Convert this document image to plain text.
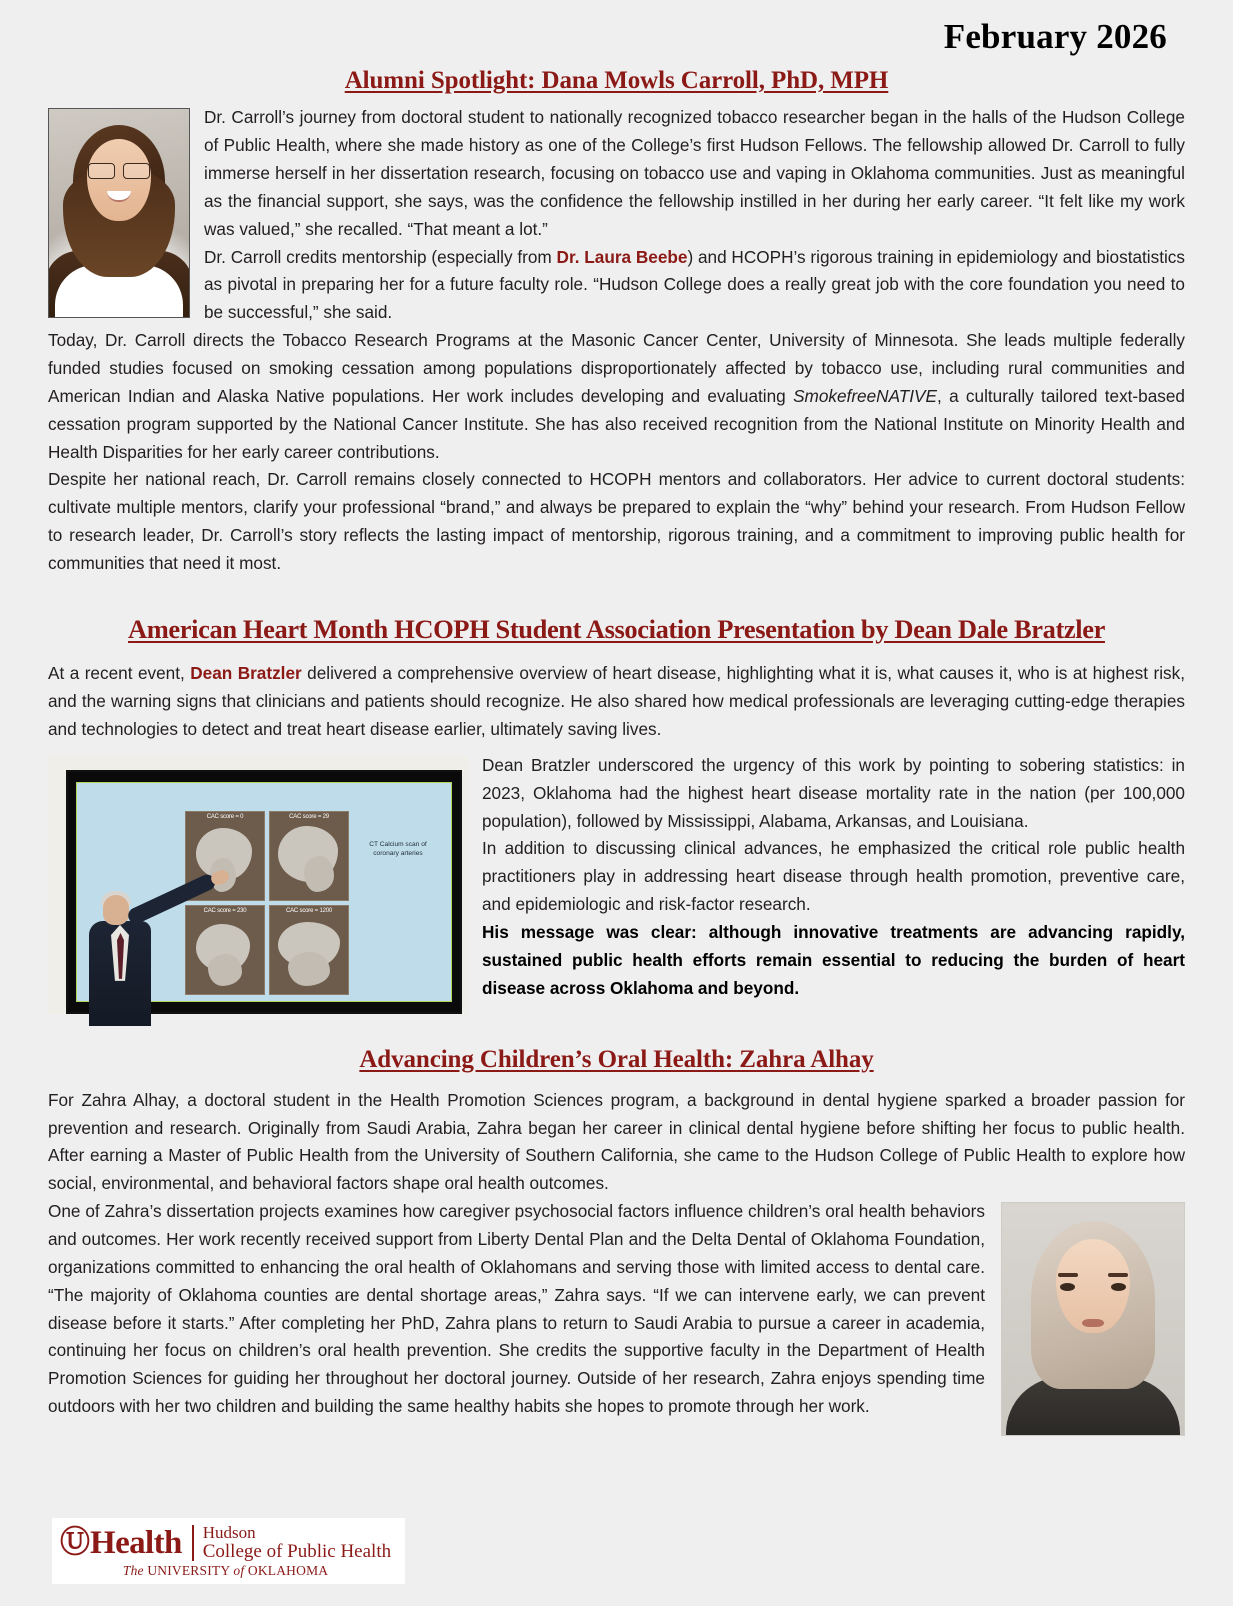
February 2026
Alumni Spotlight: Dana Mowls Carroll, PhD, MPH

Dr. Carroll’s journey from doctoral student to nationally recognized tobacco researcher began in the halls of the Hudson College of Public Health, where she made history as one of the College’s first Hudson Fellows. The fellowship allowed Dr. Carroll to fully immerse herself in her dissertation research, focusing on tobacco use and vaping in Oklahoma communities. Just as meaningful as the financial support, she says, was the confidence the fellowship instilled in her during her early career. “It felt like my work was valued,” she recalled. “That meant a lot.”

Dr. Carroll credits mentorship (especially from Dr. Laura Beebe) and HCOPH’s rigorous training in epidemiology and biostatistics as pivotal in preparing her for a future faculty role. “Hudson College does a really great job with the core foundation you need to be successful,” she said.

Today, Dr. Carroll directs the Tobacco Research Programs at the Masonic Cancer Center, University of Minnesota. She leads multiple federally funded studies focused on smoking cessation among populations disproportionately affected by tobacco use, including rural communities and American Indian and Alaska Native populations. Her work includes developing and evaluating SmokefreeNATIVE, a culturally tailored text-based cessation program supported by the National Cancer Institute. She has also received recognition from the National Institute on Minority Health and Health Disparities for her early career contributions.

Despite her national reach, Dr. Carroll remains closely connected to HCOPH mentors and collaborators. Her advice to current doctoral students: cultivate multiple mentors, clarify your professional “brand,” and always be prepared to explain the “why” behind your research. From Hudson Fellow to research leader, Dr. Carroll’s story reflects the lasting impact of mentorship, rigorous training, and a commitment to improving public health for communities that need it most.

American Heart Month HCOPH Student Association Presentation by Dean Dale Bratzler

At a recent event, Dean Bratzler delivered a comprehensive overview of heart disease, highlighting what it is, what causes it, who is at highest risk, and the warning signs that clinicians and patients should recognize. He also shared how medical professionals are leveraging cutting-edge therapies and technologies to detect and treat heart disease earlier, ultimately saving lives.

CAC score = 0	CAC score = 29
CAC score = 230	CAC score = 1200
CT Calcium scan of coronary arteries

Dean Bratzler underscored the urgency of this work by pointing to sobering statistics: in 2023, Oklahoma had the highest heart disease mortality rate in the nation (per 100,000 population), followed by Mississippi, Alabama, Arkansas, and Louisiana.

In addition to discussing clinical advances, he emphasized the critical role public health practitioners play in addressing heart disease through health promotion, preventive care, and epidemiologic and risk-factor research.

His message was clear: although innovative treatments are advancing rapidly, sustained public health efforts remain essential to reducing the burden of heart disease across Oklahoma and beyond.

Advancing Children’s Oral Health: Zahra Alhay

For Zahra Alhay, a doctoral student in the Health Promotion Sciences program, a background in dental hygiene sparked a broader passion for prevention and research. Originally from Saudi Arabia, Zahra began her career in clinical dental hygiene before shifting her focus to public health. After earning a Master of Public Health from the University of Southern California, she came to the Hudson College of Public Health to explore how social, environmental, and behavioral factors shape oral health outcomes.

One of Zahra’s dissertation projects examines how caregiver psychosocial factors influence children’s oral health behaviors and outcomes. Her work recently received support from Liberty Dental Plan and the Delta Dental of Oklahoma Foundation, organizations committed to enhancing the oral health of Oklahomans and serving those with limited access to dental care. “The majority of Oklahoma counties are dental shortage areas,” Zahra says. “If we can intervene early, we can prevent disease before it starts.” After completing her PhD, Zahra plans to return to Saudi Arabia to pursue a career in academia, continuing her focus on children’s oral health prevention. She credits the supportive faculty in the Department of Health Promotion Sciences for guiding her throughout her doctoral journey. Outside of her research, Zahra enjoys spending time outdoors with her two children and building the same healthy habits she hopes to promote through her work.

Ⓤ Health Hudson
College of Public Health
The UNIVERSITY of OKLAHOMA
